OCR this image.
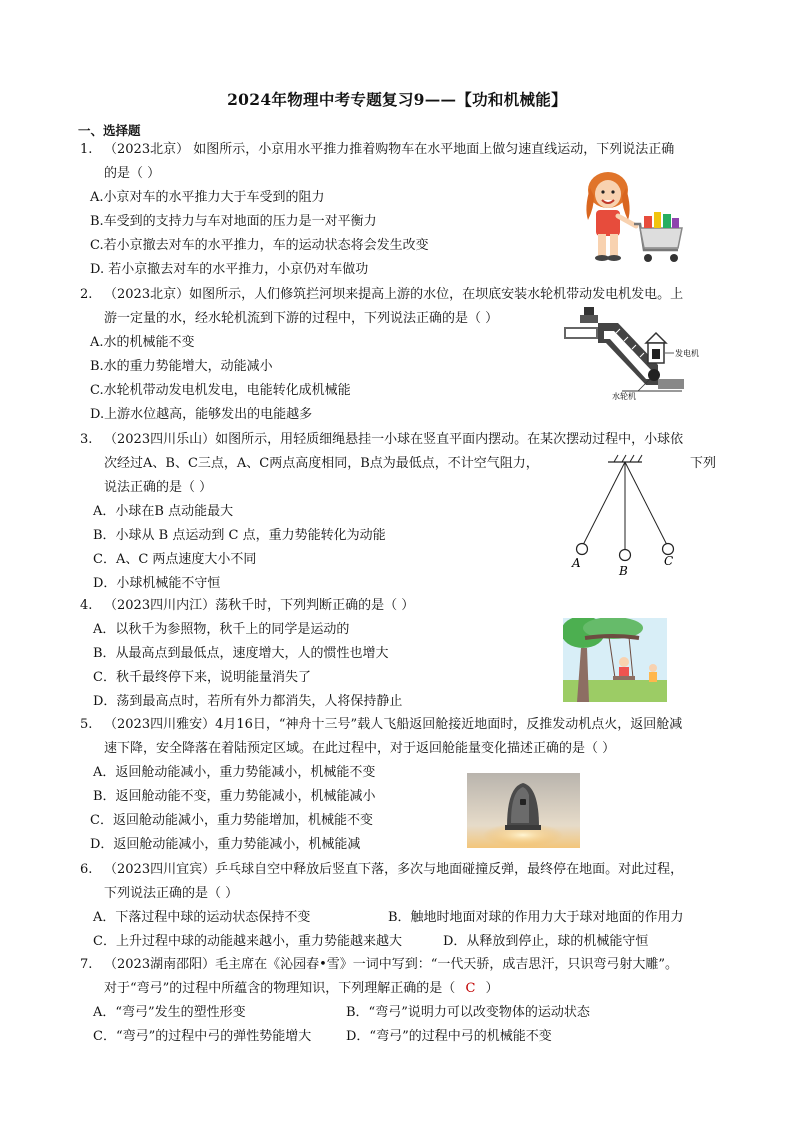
2024年物理中考专题复习9——【功和机械能】
一、选择题
1. （2023北京） 如图所示，小京用水平推力推着购物车在水平地面上做匀速直线运动，下列说法正确
的是（ ）
A.小京对车的水平推力大于车受到的阻力
B.车受到的支持力与车对地面的压力是一对平衡力
C.若小京撤去对车的水平推力，车的运动状态将会发生改变
D. 若小京撤去对车的水平推力，小京仍对车做功
2. （2023北京）如图所示，人们修筑拦河坝来提高上游的水位，在坝底安装水轮机带动发电机发电。上
游一定量的水，经水轮机流到下游的过程中，下列说法正确的是（ ）
A.水的机械能不变
B.水的重力势能增大，动能减小
C.水轮机带动发电机发电，电能转化成机械能
D.上游水位越高，能够发出的电能越多
发电机
水轮机
3. （2023四川乐山）如图所示，用轻质细绳悬挂一小球在竖直平面内摆动。在某次摆动过程中，小球依
次经过A、B、C三点，A、C两点高度相同，B点为最低点，不计空气阻力，	下列
说法正确的是（ ）
A．小球在B 点动能最大
B．小球从 B 点运动到 C 点，重力势能转化为动能
C．A、C 两点速度大小不同
D．小球机械能不守恒
A
B
C
4. （2023四川内江）荡秋千时，下列判断正确的是（ ）
A．以秋千为参照物，秋千上的同学是运动的
B．从最高点到最低点，速度增大，人的惯性也增大
C．秋千最终停下来，说明能量消失了
D．荡到最高点时，若所有外力都消失，人将保持静止
5. （2023四川雅安）4月16日，“神舟十三号”载人飞船返回舱接近地面时，反推发动机点火，返回舱减
速下降，安全降落在着陆预定区域。在此过程中，对于返回舱能量变化描述正确的是（ ）
A．返回舱动能减小，重力势能减小，机械能不变
B．返回舱动能不变，重力势能减小，机械能减小
C．返回舱动能减小，重力势能增加，机械能不变
D．返回舱动能减小，重力势能减小，机械能减
6. （2023四川宜宾）乒乓球自空中释放后竖直下落，多次与地面碰撞反弹，最终停在地面。对此过程，
下列说法正确的是（ ）
A．下落过程中球的运动状态保持不变	B．触地时地面对球的作用力大于球对地面的作用力
C．上升过程中球的动能越来越小，重力势能越来越大	D．从释放到停止，球的机械能守恒
7. （2023湖南邵阳）毛主席在《沁园春•雪》一词中写到：“一代天骄，成吉思汗，只识弯弓射大雕”。
对于“弯弓”的过程中所蕴含的物理知识，下列理解正确的是（ C ）
A．“弯弓”发生的塑性形变	B．“弯弓”说明力可以改变物体的运动状态
C．“弯弓”的过程中弓的弹性势能增大	D．“弯弓”的过程中弓的机械能不变
